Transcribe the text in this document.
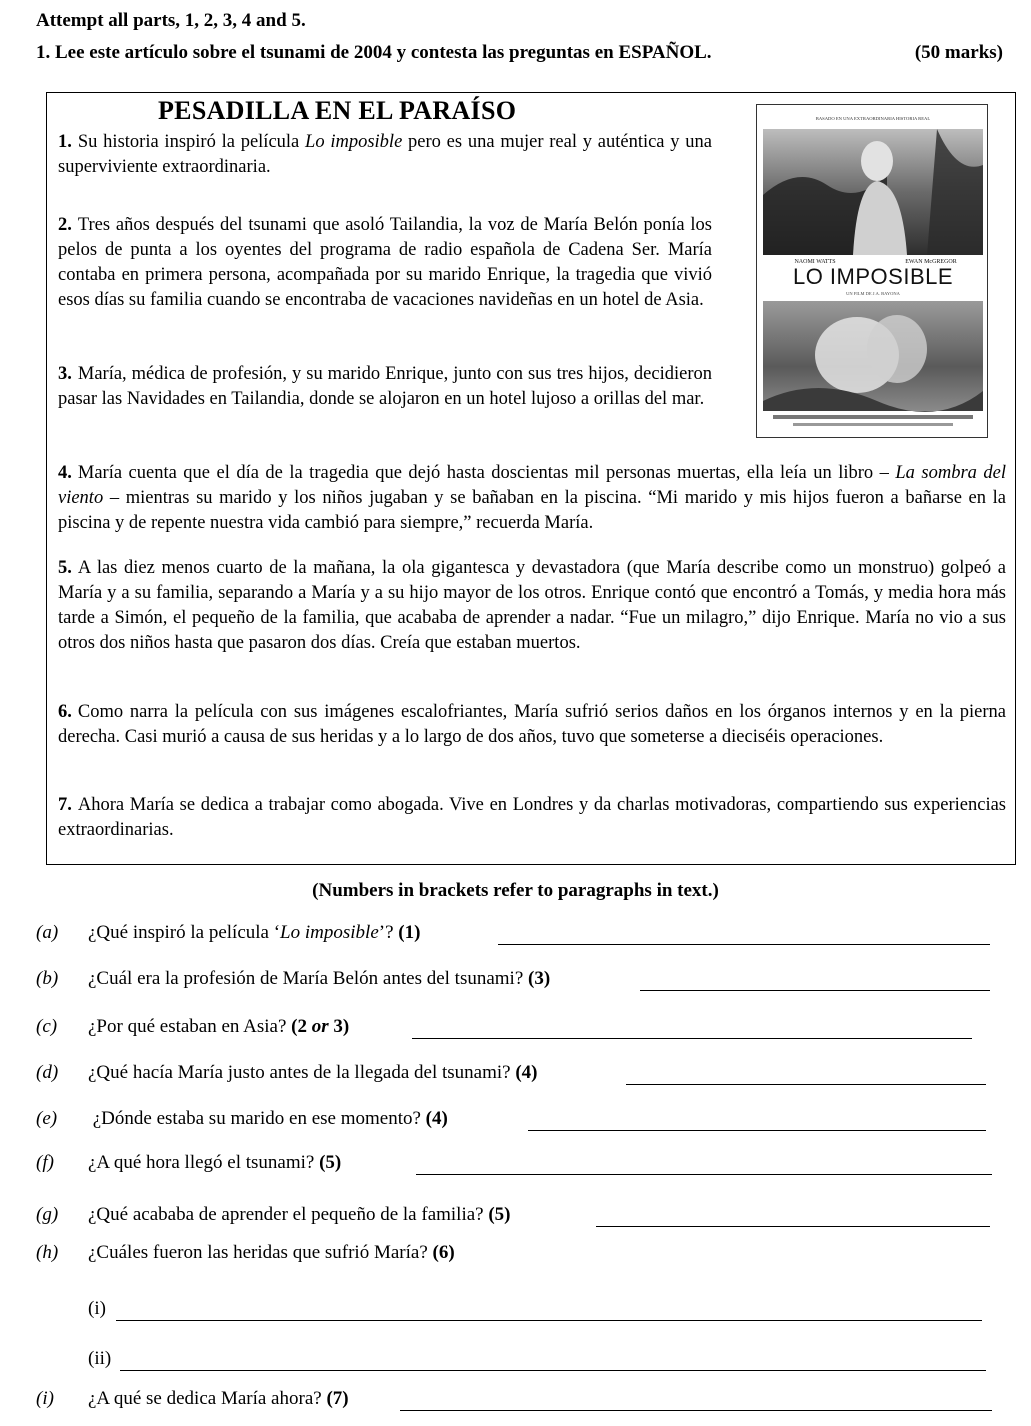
Attempt all parts, 1, 2, 3, 4 and 5.
1. Lee este artículo sobre el tsunami de 2004 y contesta las preguntas en ESPAÑOL.	(50 marks)
PESADILLA EN EL PARAÍSO
1. Su historia inspiró la película Lo imposible pero es una mujer real y auténtica y una superviviente extraordinaria.
2. Tres años después del tsunami que asoló Tailandia, la voz de María Belón ponía los pelos de punta a los oyentes del programa de radio española de Cadena Ser. María contaba en primera persona, acompañada por su marido Enrique, la tragedia que vivió esos días su familia cuando se encontraba de vacaciones navideñas en un hotel de Asia.
3. María, médica de profesión, y su marido Enrique, junto con sus tres hijos, decidieron pasar las Navidades en Tailandia, donde se alojaron en un hotel lujoso a orillas del mar.
4. María cuenta que el día de la tragedia que dejó hasta doscientas mil personas muertas, ella leía un libro – La sombra del viento – mientras su marido y los niños jugaban y se bañaban en la piscina. “Mi marido y mis hijos fueron a bañarse en la piscina y de repente nuestra vida cambió para siempre,” recuerda María.
5. A las diez menos cuarto de la mañana, la ola gigantesca y devastadora (que María describe como un monstruo) golpeó a María y a su familia, separando a María y a su hijo mayor de los otros. Enrique contó que encontró a Tomás, y media hora más tarde a Simón, el pequeño de la familia, que acababa de aprender a nadar. “Fue un milagro,” dijo Enrique. María no vio a sus otros dos niños hasta que pasaron dos días. Creía que estaban muertos.
6. Como narra la película con sus imágenes escalofriantes, María sufrió serios daños en los órganos internos y en la pierna derecha. Casi murió a causa de sus heridas y a lo largo de dos años, tuvo que someterse a dieciséis operaciones.
7. Ahora María se dedica a trabajar como abogada. Vive en Londres y da charlas motivadoras, compartiendo sus experiencias extraordinarias.
BASADO EN UNA EXTRAORDINARIA HISTORIA REAL
NAOMI WATTS	EWAN McGREGOR
LO IMPOSIBLE
UN FILM DE J.A. BAYONA
(Numbers in brackets refer to paragraphs in text.)
(a) ¿Qué inspiró la película ‘Lo imposible’? (1)
(b) ¿Cuál era la profesión de María Belón antes del tsunami? (3)
(c) ¿Por qué estaban en Asia? (2 or 3)
(d) ¿Qué hacía María justo antes de la llegada del tsunami? (4)
(e) ¿Dónde estaba su marido en ese momento? (4)
(f) ¿A qué hora llegó el tsunami? (5)
(g) ¿Qué acababa de aprender el pequeño de la familia? (5)
(h) ¿Cuáles fueron las heridas que sufrió María? (6)
(i)
(ii)
(i) ¿A qué se dedica María ahora? (7)
